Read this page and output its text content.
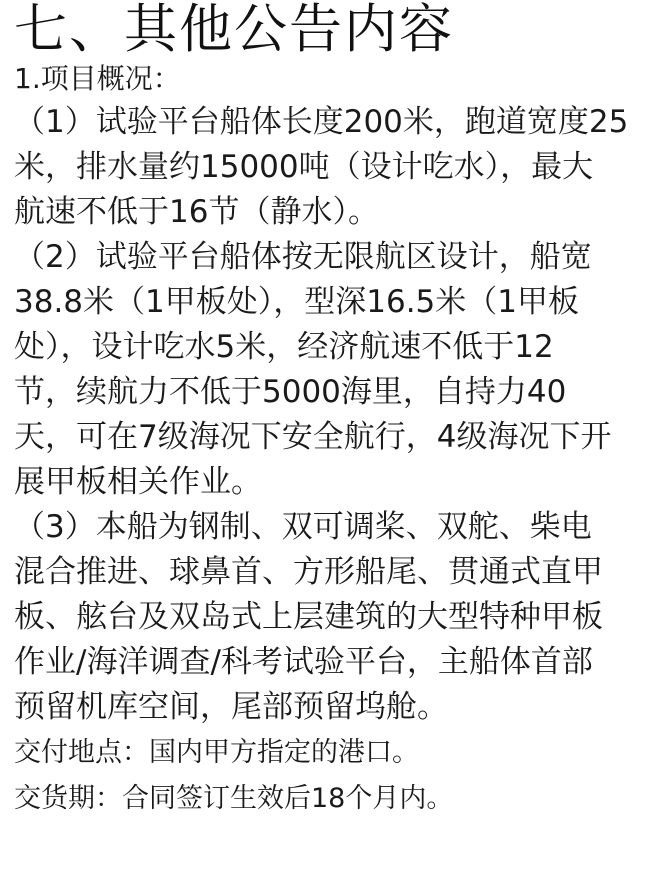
七、其他公告内容
1.项目概况：
（1）试验平台船体长度200米，跑道宽度25
米，排水量约15000吨（设计吃水），最大
航速不低于16节（静水）。
（2）试验平台船体按无限航区设计，船宽
38.8米（1甲板处），型深16.5米（1甲板
处），设计吃水5米，经济航速不低于12
节，续航力不低于5000海里，自持力40
天，可在7级海况下安全航行，4级海况下开
展甲板相关作业。
（3）本船为钢制、双可调桨、双舵、柴电
混合推进、球鼻首、方形船尾、贯通式直甲
板、舷台及双岛式上层建筑的大型特种甲板
作业/海洋调查/科考试验平台，主船体首部
预留机库空间，尾部预留坞舱。

交付地点：国内甲方指定的港口。

交货期：合同签订生效后18个月内。
